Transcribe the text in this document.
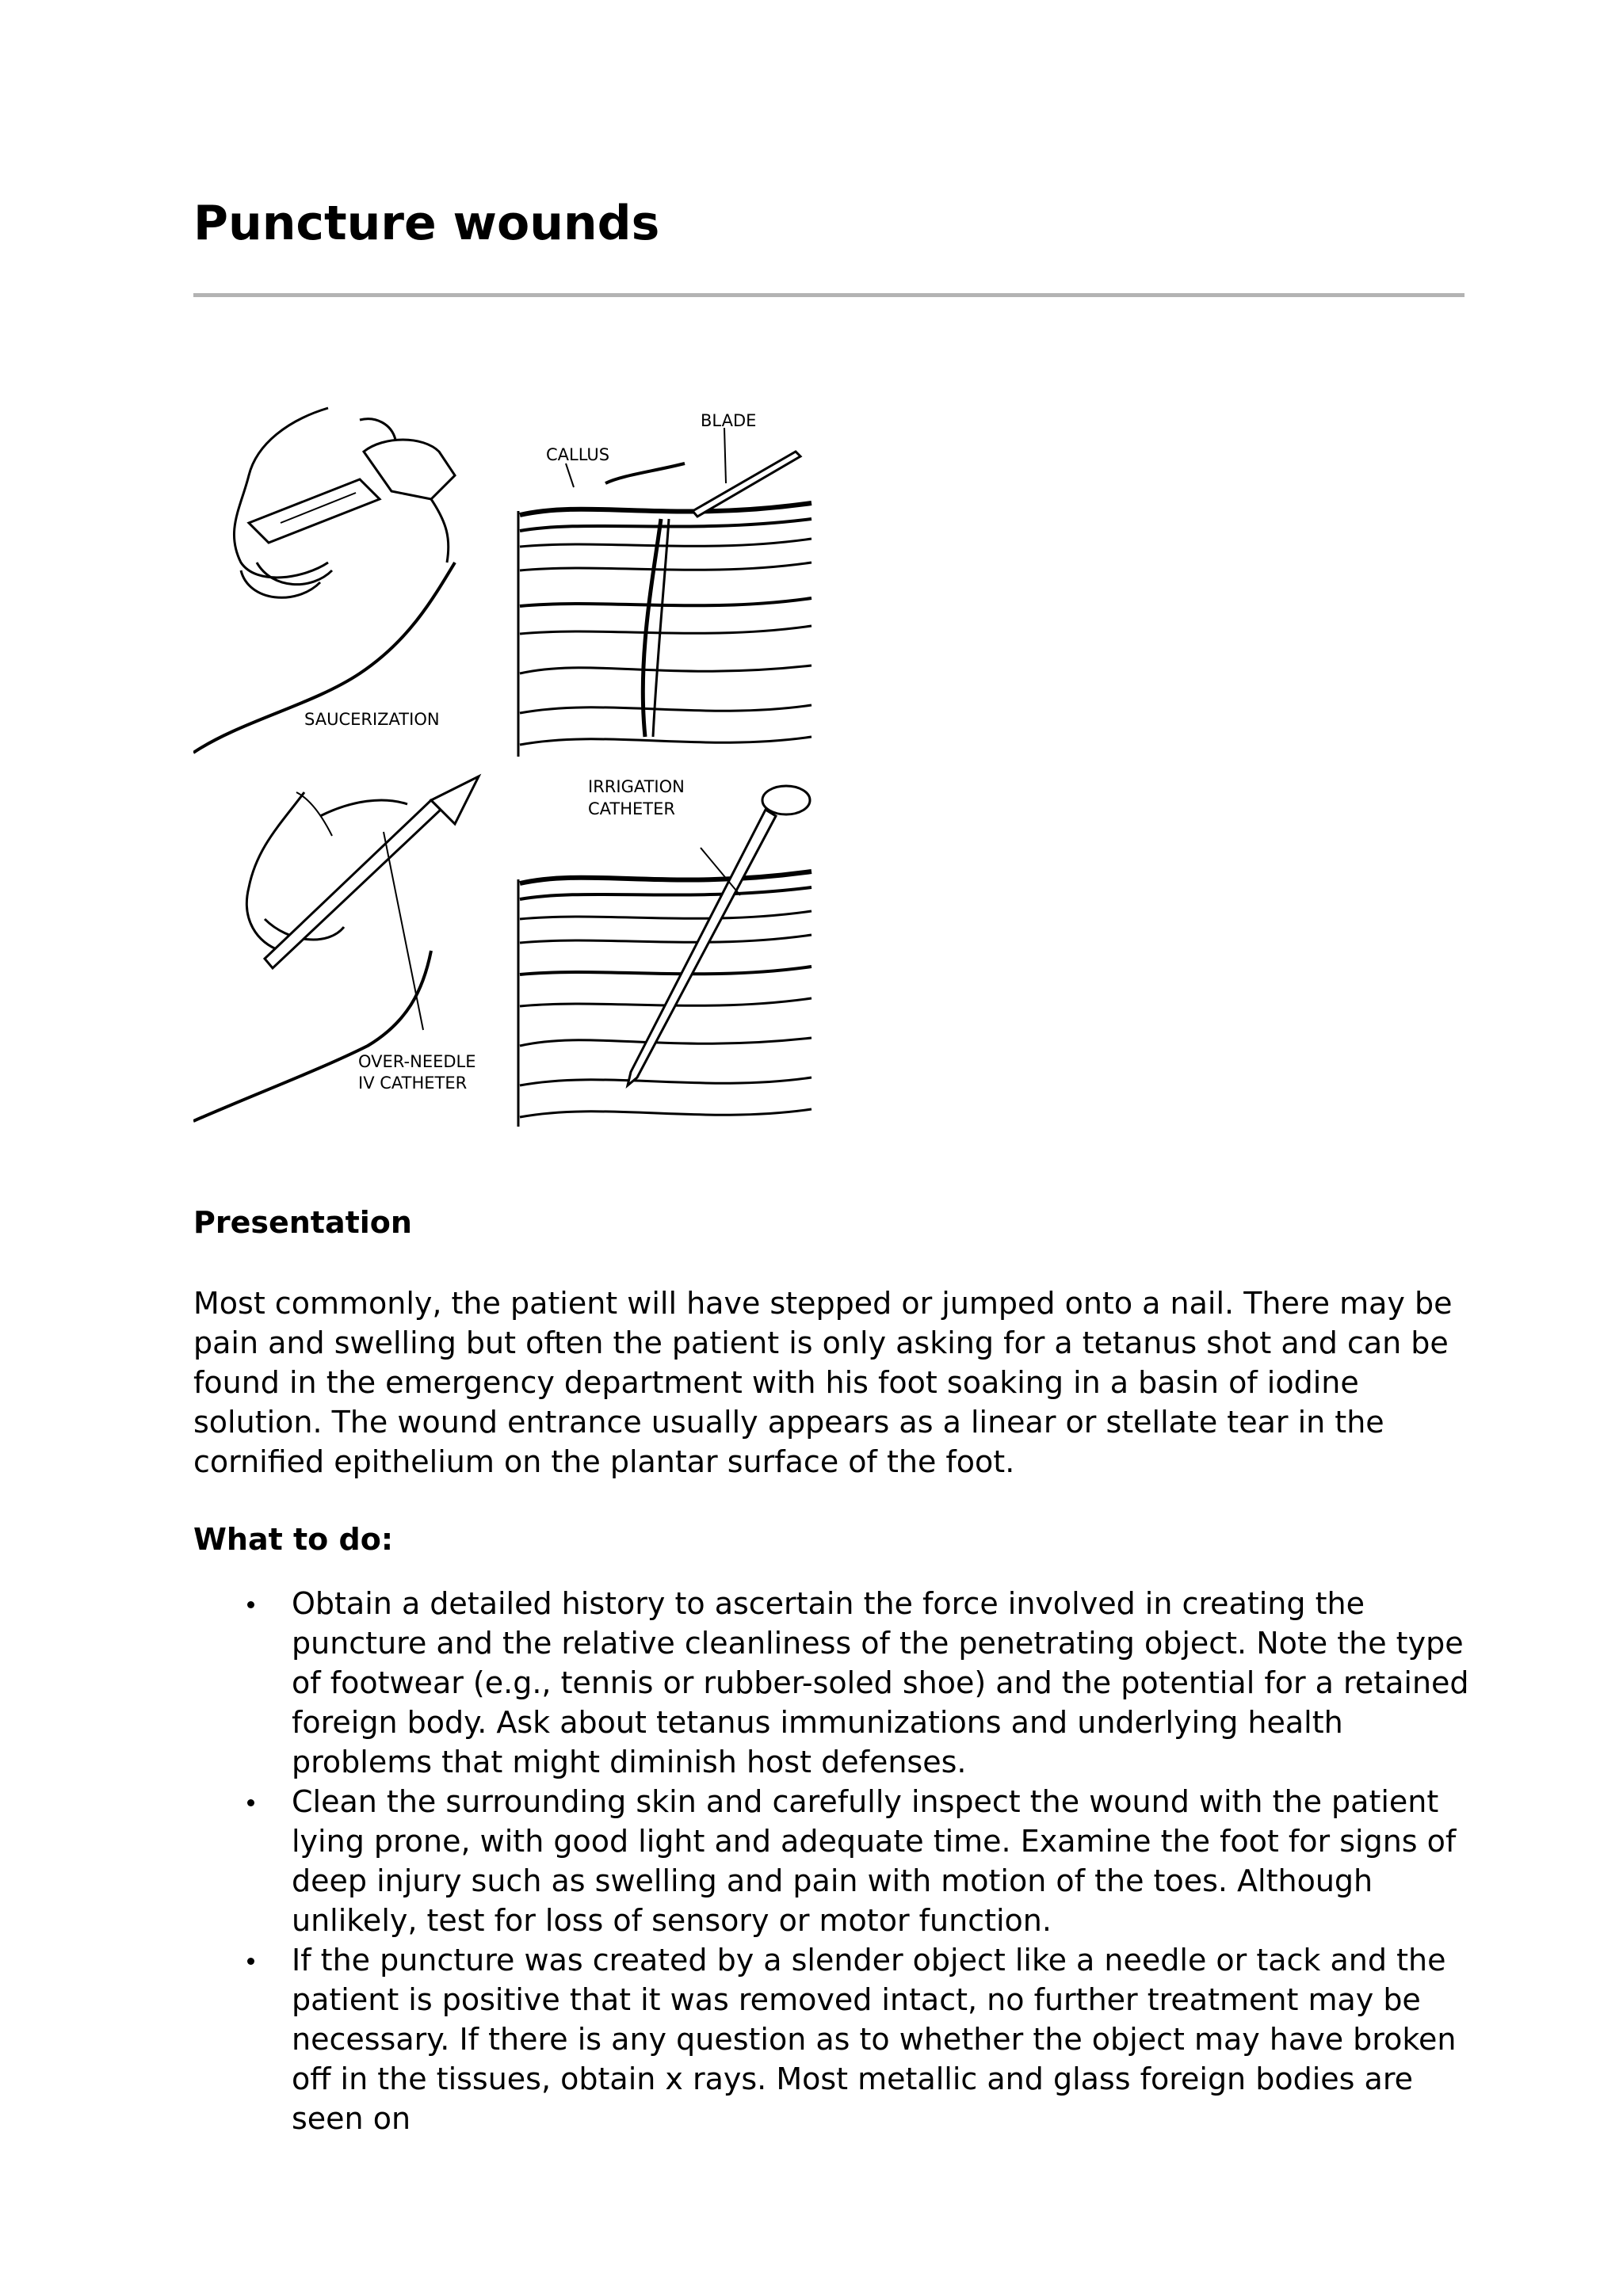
Puncture wounds
BLADE
CALLUS
SAUCERIZATION
IRRIGATION
CATHETER
OVER-NEEDLE
IV CATHETER
Presentation

Most commonly, the patient will have stepped or jumped onto a nail. There may be pain and swelling but often the patient is only asking for a tetanus shot and can be found in the emergency department with his foot soaking in a basin of iodine solution. The wound entrance usually appears as a linear or stellate tear in the cornified epithelium on the plantar surface of the foot.

What to do:
Obtain a detailed history to ascertain the force involved in creating the puncture and the relative cleanliness of the penetrating object. Note the type of footwear (e.g., tennis or rubber-soled shoe) and the potential for a retained foreign body. Ask about tetanus immunizations and underlying health problems that might diminish host defenses.
Clean the surrounding skin and carefully inspect the wound with the patient lying prone, with good light and adequate time. Examine the foot for signs of deep injury such as swelling and pain with motion of the toes. Although unlikely, test for loss of sensory or motor function.
If the puncture was created by a slender object like a needle or tack and the patient is positive that it was removed intact, no further treatment may be necessary. If there is any question as to whether the object may have broken off in the tissues, obtain x rays. Most metallic and glass foreign bodies are seen on
